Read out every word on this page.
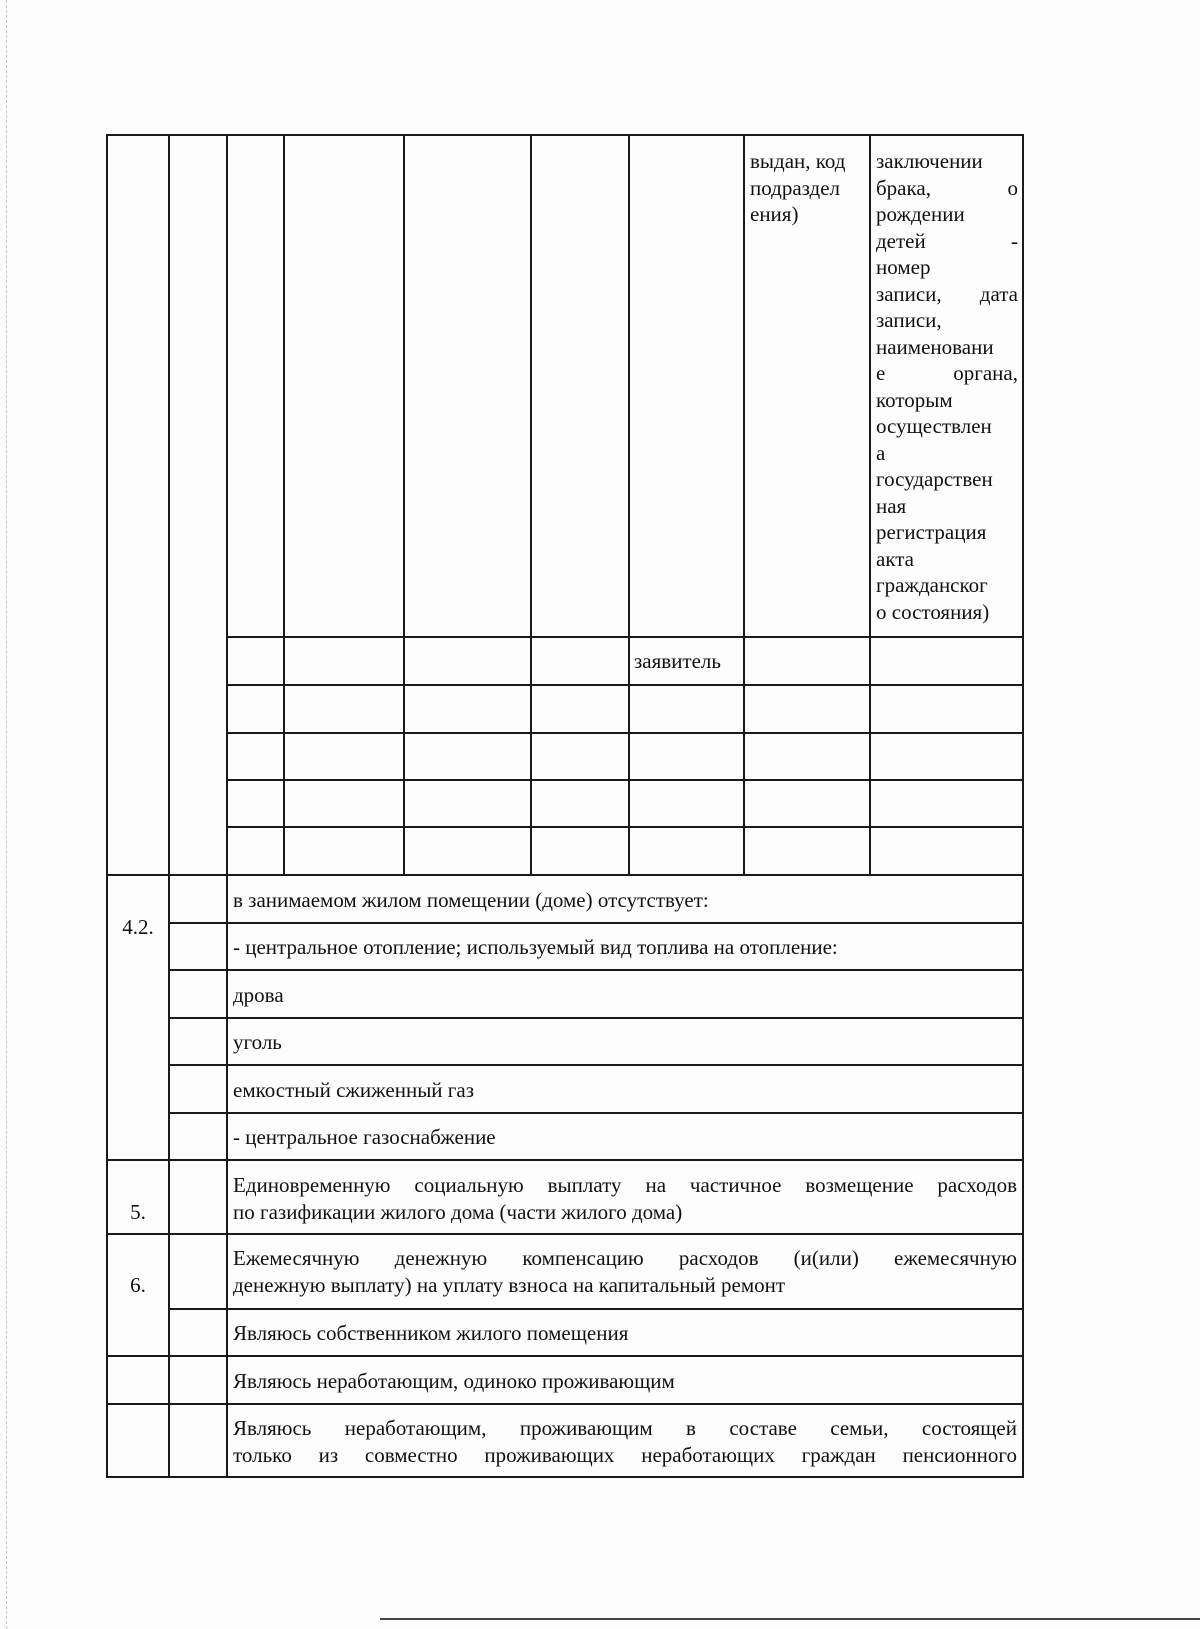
выдан, код
подраздел
ения)
заключении
брака, о
рождении
детей -
номер
записи, дата
записи,
наименовани
е органа,
которым
осуществлен
а
государствен
ная
регистрация
акта
гражданског
о состояния)
заявитель
4.2.
в занимаемом жилом помещении (доме) отсутствует:
- центральное отопление; используемый вид топлива на отопление:
дрова
уголь
емкостный сжиженный газ
- центральное газоснабжение
5.
Единовременную социальную выплату на частичное возмещение расходов
по газификации жилого дома (части жилого дома)
6.
Ежемесячную денежную компенсацию расходов (и(или) ежемесячную
денежную выплату) на уплату взноса на капитальный ремонт
Являюсь собственником жилого помещения
Являюсь неработающим, одиноко проживающим
Являюсь неработающим, проживающим в составе семьи, состоящей
только из совместно проживающих неработающих граждан пенсионного
